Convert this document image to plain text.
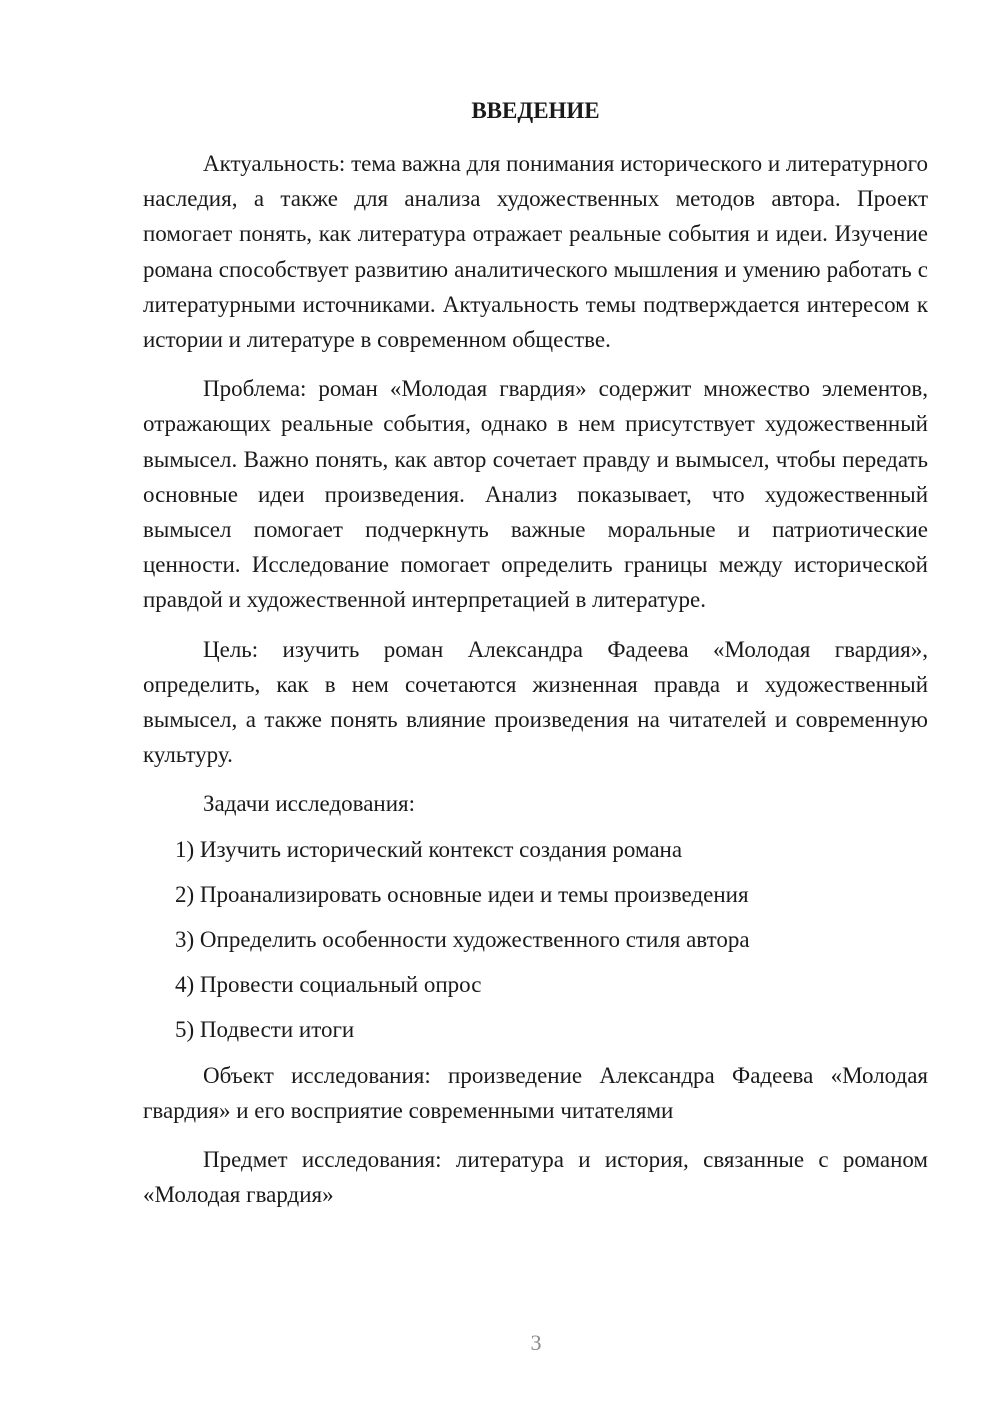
ВВЕДЕНИЕ

Актуальность: тема важна для понимания исторического и литературного наследия, а также для анализа художественных методов автора. Проект помогает понять, как литература отражает реальные события и идеи. Изучение романа способствует развитию аналитического мышления и умению работать с литературными источниками. Актуальность темы подтверждается интересом к истории и литературе в современном обществе.

Проблема: роман «Молодая гвардия» содержит множество элементов, отражающих реальные события, однако в нем присутствует художественный вымысел. Важно понять, как автор сочетает правду и вымысел, чтобы передать основные идеи произведения. Анализ показывает, что художественный вымысел помогает подчеркнуть важные моральные и патриотические ценности. Исследование помогает определить границы между исторической правдой и художественной интерпретацией в литературе.

Цель: изучить роман Александра Фадеева «Молодая гвардия», определить, как в нем сочетаются жизненная правда и художественный вымысел, а также понять влияние произведения на читателей и современную культуру.

Задачи исследования:

1) Изучить исторический контекст создания романа
2) Проанализировать основные идеи и темы произведения
3) Определить особенности художественного стиля автора
4) Провести социальный опрос
5) Подвести итоги

Объект исследования: произведение Александра Фадеева «Молодая гвардия» и его восприятие современными читателями

Предмет исследования: литература и история, связанные с романом «Молодая гвардия»

3
